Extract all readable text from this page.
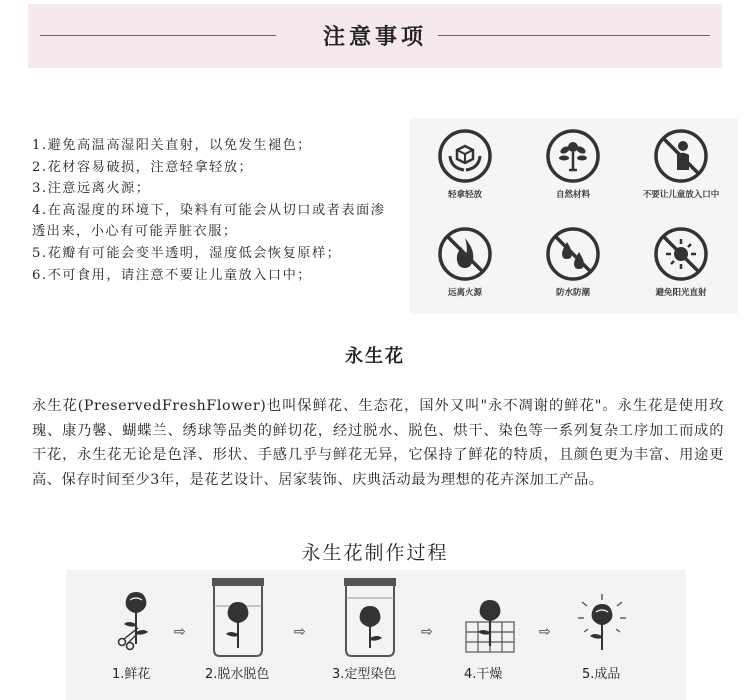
注意事项
1.避免高温高湿阳关直射，以免发生褪色；
2.花材容易破损，注意轻拿轻放；
3.注意远离火源；
4.在高湿度的环境下，染料有可能会从切口或者表面渗透出来，小心有可能弄脏衣服；
5.花瓣有可能会变半透明，湿度低会恢复原样；
6.不可食用，请注意不要让儿童放入口中；
轻拿轻放	自然材料	不要让儿童放入口中
远离火源	防水防潮	避免阳光直射
永生花
永生花(PreservedFreshFlower)也叫保鲜花、生态花，国外又叫"永不凋谢的鲜花"。永生花是使用玫瑰、康乃馨、蝴蝶兰、绣球等品类的鲜切花，经过脱水、脱色、烘干、染色等一系列复杂工序加工而成的干花，永生花无论是色泽、形状、手感几乎与鲜花无异，它保持了鲜花的特质，且颜色更为丰富、用途更高、保存时间至少3年，是花艺设计、居家装饰、庆典活动最为理想的花卉深加工产品。
永生花制作过程
1.鲜花
⇨
2.脱水脱色
⇨
3.定型染色
⇨
4.干燥
⇨
5.成品
